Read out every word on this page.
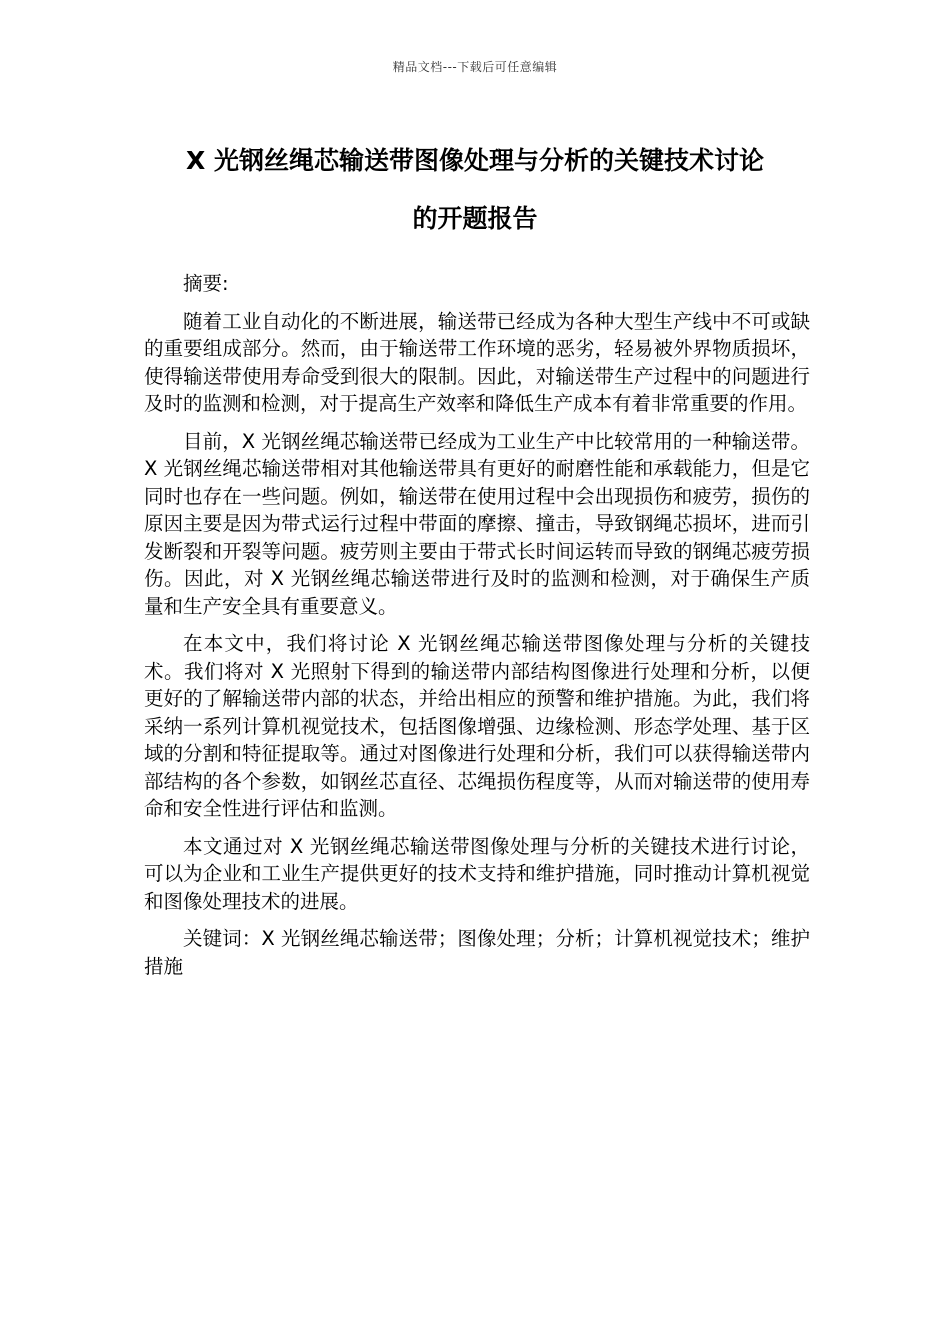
精品文档---下载后可任意编辑
X 光钢丝绳芯输送带图像处理与分析的关键技术讨论
的开题报告

摘要:

随着工业自动化的不断进展，输送带已经成为各种大型生产线中不可或缺的重要组成部分。然而，由于输送带工作环境的恶劣，轻易被外界物质损坏，使得输送带使用寿命受到很大的限制。因此，对输送带生产过程中的问题进行及时的监测和检测，对于提高生产效率和降低生产成本有着非常重要的作用。

目前，X 光钢丝绳芯输送带已经成为工业生产中比较常用的一种输送带。X 光钢丝绳芯输送带相对其他输送带具有更好的耐磨性能和承载能力，但是它同时也存在一些问题。例如，输送带在使用过程中会出现损伤和疲劳，损伤的原因主要是因为带式运行过程中带面的摩擦、撞击，导致钢绳芯损坏，进而引发断裂和开裂等问题。疲劳则主要由于带式长时间运转而导致的钢绳芯疲劳损伤。因此，对 X 光钢丝绳芯输送带进行及时的监测和检测，对于确保生产质量和生产安全具有重要意义。

在本文中，我们将讨论 X 光钢丝绳芯输送带图像处理与分析的关键技术。我们将对 X 光照射下得到的输送带内部结构图像进行处理和分析，以便更好的了解输送带内部的状态，并给出相应的预警和维护措施。为此，我们将采纳一系列计算机视觉技术，包括图像增强、边缘检测、形态学处理、基于区域的分割和特征提取等。通过对图像进行处理和分析，我们可以获得输送带内部结构的各个参数，如钢丝芯直径、芯绳损伤程度等，从而对输送带的使用寿命和安全性进行评估和监测。

本文通过对 X 光钢丝绳芯输送带图像处理与分析的关键技术进行讨论，可以为企业和工业生产提供更好的技术支持和维护措施，同时推动计算机视觉和图像处理技术的进展。

关键词：X 光钢丝绳芯输送带；图像处理；分析；计算机视觉技术；维护措施
